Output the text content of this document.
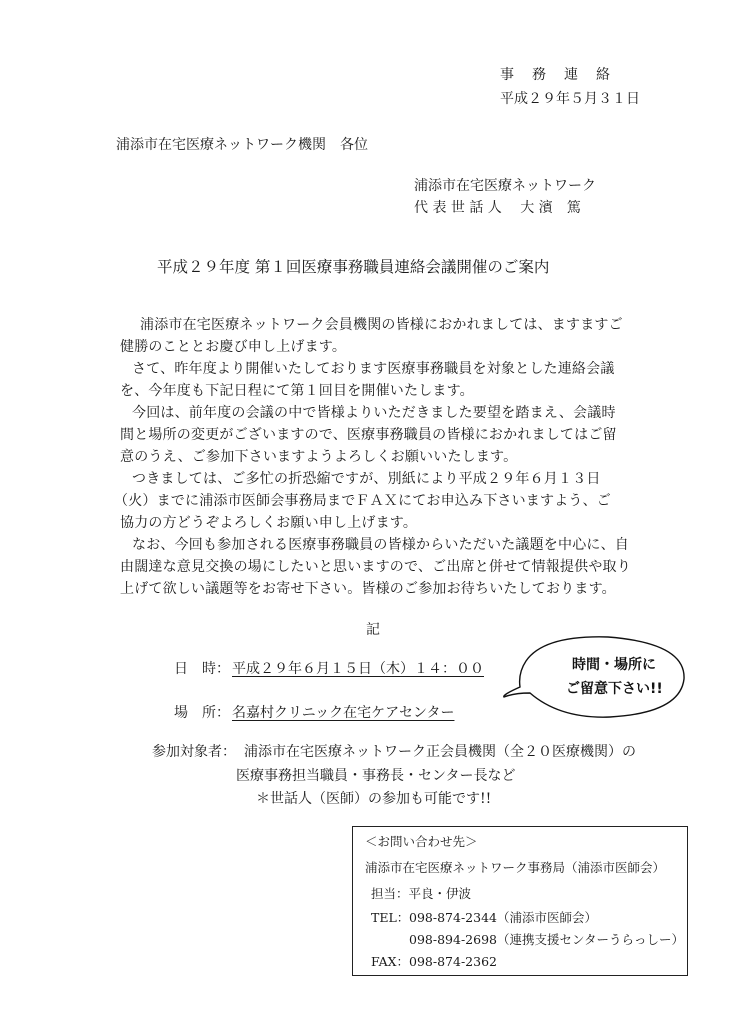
事　務　連　絡
平成２９年５月３１日
浦添市在宅医療ネットワーク機関　各位
浦添市在宅医療ネットワーク
代 表 世 話 人　 大 濱　篤
平成２９年度 第１回医療事務職員連絡会議開催のご案内
浦添市在宅医療ネットワーク会員機関の皆様におかれましては、ますますご
健勝のこととお慶び申し上げます。
さて、昨年度より開催いたしております医療事務職員を対象とした連絡会議
を、今年度も下記日程にて第１回目を開催いたします。
今回は、前年度の会議の中で皆様よりいただきました要望を踏まえ、会議時
間と場所の変更がございますので、医療事務職員の皆様におかれましてはご留
意のうえ、ご参加下さいますようよろしくお願いいたします。
つきましては、ご多忙の折恐縮ですが、別紙により平成２９年６月１３日
（火）までに浦添市医師会事務局までＦＡＸにてお申込み下さいますよう、ご
協力の方どうぞよろしくお願い申し上げます。
なお、今回も参加される医療事務職員の皆様からいただいた議題を中心に、自
由闊達な意見交換の場にしたいと思いますので、ご出席と併せて情報提供や取り
上げて欲しい議題等をお寄せ下さい。皆様のご参加お待ちいたしております。
記
日　時： 平成２９年６月１５日（木）１４：００
場　所： 名嘉村クリニック在宅ケアセンター
参加対象者： 浦添市在宅医療ネットワーク正会員機関（全２０医療機関）の
医療事務担当職員・事務長・センター長など
＊世話人（医師）の参加も可能です!!
時間・場所に
ご留意下さい!!
＜お問い合わせ先＞
浦添市在宅医療ネットワーク事務局（浦添市医師会）
担当：平良・伊波
TEL： 098-874-2344（浦添市医師会）
098-894-2698（連携支援センターうらっしー）
FAX： 098-874-2362
